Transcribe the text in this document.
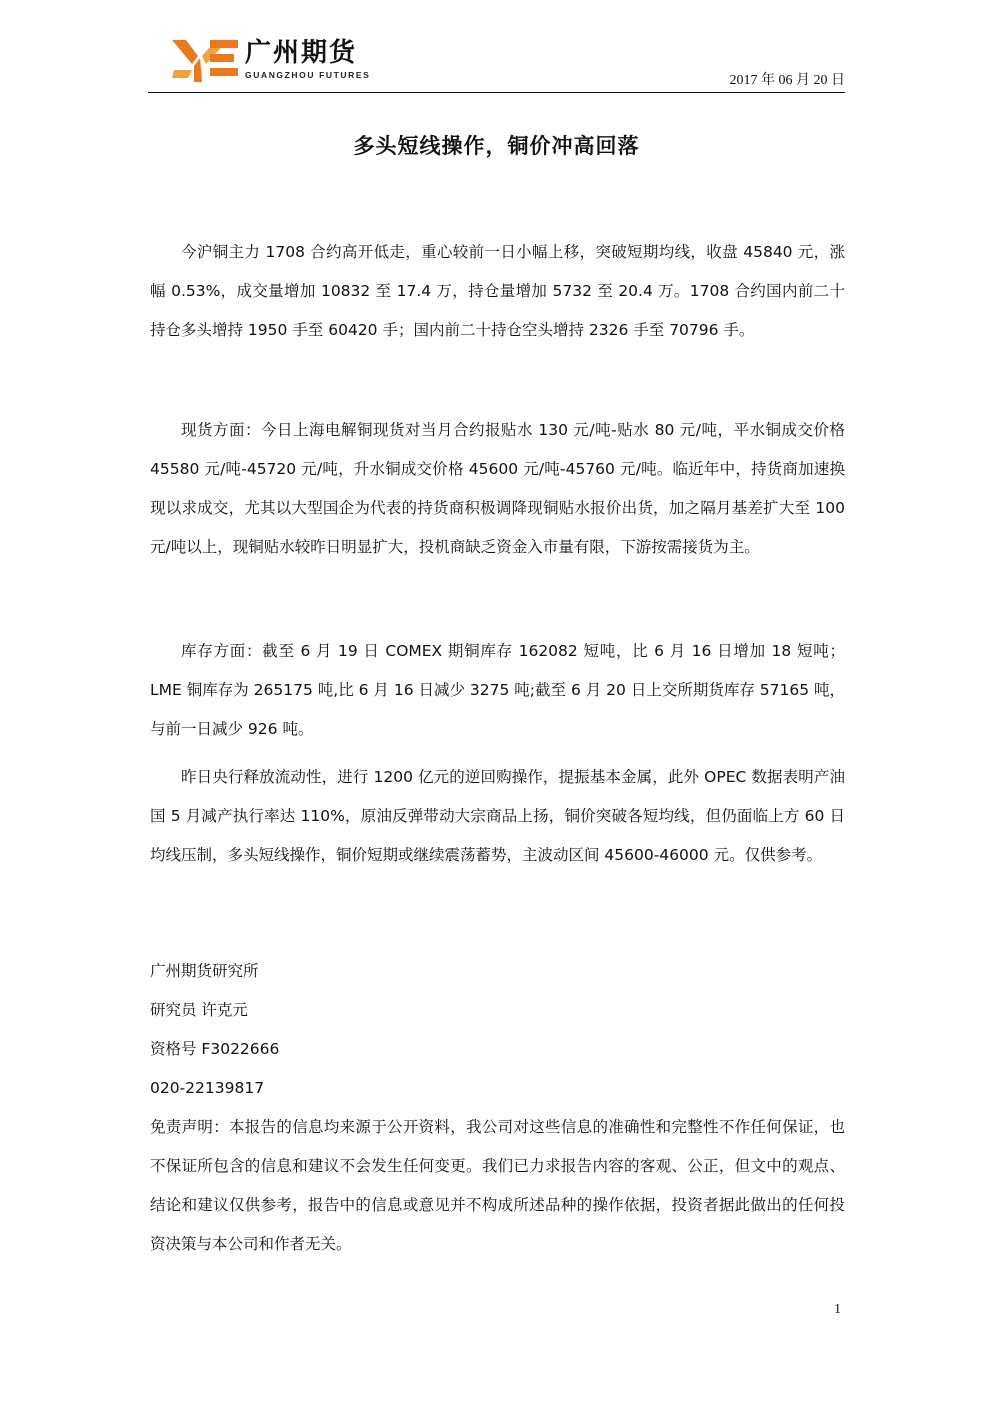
广州期货
GUANGZHOU FUTURES	2017 年 06 月 20 日
多头短线操作，铜价冲高回落

今沪铜主力 1708 合约高开低走，重心较前一日小幅上移，突破短期均线，收盘 45840 元，涨幅 0.53%，成交量增加 10832 至 17.4 万，持仓量增加 5732 至 20.4 万。1708 合约国内前二十持仓多头增持 1950 手至 60420 手；国内前二十持仓空头增持 2326 手至 70796 手。

现货方面：今日上海电解铜现货对当月合约报贴水 130 元/吨-贴水 80 元/吨，平水铜成交价格 45580 元/吨-45720 元/吨，升水铜成交价格 45600 元/吨-45760 元/吨。临近年中，持货商加速换现以求成交，尤其以大型国企为代表的持货商积极调降现铜贴水报价出货，加之隔月基差扩大至 100 元/吨以上，现铜贴水较昨日明显扩大，投机商缺乏资金入市量有限，下游按需接货为主。

库存方面：截至 6 月 19 日 COMEX 期铜库存 162082 短吨，比 6 月 16 日增加 18 短吨；LME 铜库存为 265175 吨,比 6 月 16 日减少 3275 吨;截至 6 月 20 日上交所期货库存 57165 吨，与前一日减少 926 吨。

昨日央行释放流动性，进行 1200 亿元的逆回购操作，提振基本金属，此外 OPEC 数据表明产油国 5 月减产执行率达 110%，原油反弹带动大宗商品上扬，铜价突破各短均线，但仍面临上方 60 日均线压制，多头短线操作，铜价短期或继续震荡蓄势，主波动区间 45600-46000 元。仅供参考。

广州期货研究所
研究员 许克元
资格号 F3022666
020-22139817

免责声明：本报告的信息均来源于公开资料，我公司对这些信息的准确性和完整性不作任何保证，也不保证所包含的信息和建议不会发生任何变更。我们已力求报告内容的客观、公正，但文中的观点、结论和建议仅供参考，报告中的信息或意见并不构成所述品种的操作依据，投资者据此做出的任何投资决策与本公司和作者无关。

1
